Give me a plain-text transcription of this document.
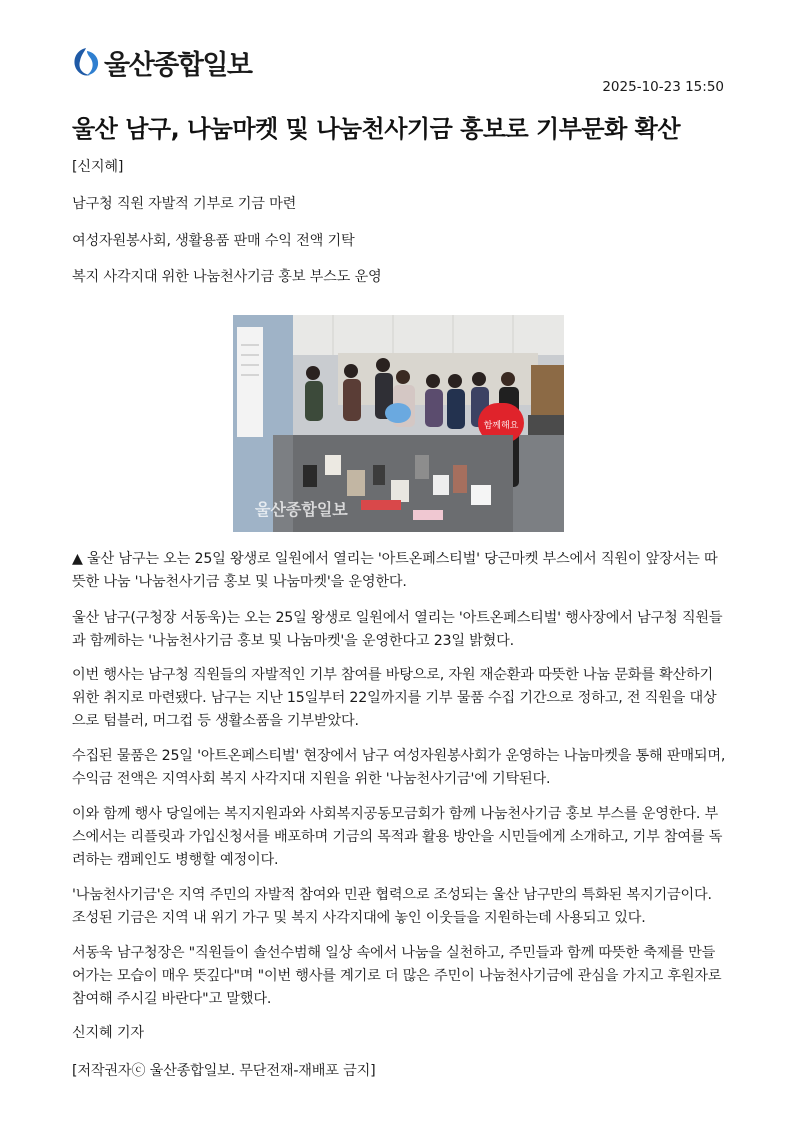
울산종합일보
2025-10-23 15:50
울산 남구, 나눔마켓 및 나눔천사기금 홍보로 기부문화 확산

[신지혜]

남구청 직원 자발적 기부로 기금 마련

여성자원봉사회, 생활용품 판매 수익 전액 기탁

복지 사각지대 위한 나눔천사기금 홍보 부스도 운영

함께해요
울산종합일보

▲ 울산 남구는 오는 25일 왕생로 일원에서 열리는 '아트온페스티벌' 당근마켓 부스에서 직원이 앞장서는 따뜻한 나눔 '나눔천사기금 홍보 및 나눔마켓'을 운영한다.

울산 남구(구청장 서동욱)는 오는 25일 왕생로 일원에서 열리는 '아트온페스티벌' 행사장에서 남구청 직원들과 함께하는 '나눔천사기금 홍보 및 나눔마켓'을 운영한다고 23일 밝혔다.

이번 행사는 남구청 직원들의 자발적인 기부 참여를 바탕으로, 자원 재순환과 따뜻한 나눔 문화를 확산하기 위한 취지로 마련됐다. 남구는 지난 15일부터 22일까지를 기부 물품 수집 기간으로 정하고, 전 직원을 대상으로 텀블러, 머그컵 등 생활소품을 기부받았다.

수집된 물품은 25일 '아트온페스티벌' 현장에서 남구 여성자원봉사회가 운영하는 나눔마켓을 통해 판매되며, 수익금 전액은 지역사회 복지 사각지대 지원을 위한 '나눔천사기금'에 기탁된다.

이와 함께 행사 당일에는 복지지원과와 사회복지공동모금회가 함께 나눔천사기금 홍보 부스를 운영한다. 부스에서는 리플릿과 가입신청서를 배포하며 기금의 목적과 활용 방안을 시민들에게 소개하고, 기부 참여를 독려하는 캠페인도 병행할 예정이다.

'나눔천사기금'은 지역 주민의 자발적 참여와 민관 협력으로 조성되는 울산 남구만의 특화된 복지기금이다. 조성된 기금은 지역 내 위기 가구 및 복지 사각지대에 놓인 이웃들을 지원하는데 사용되고 있다.

서동욱 남구청장은 "직원들이 솔선수범해 일상 속에서 나눔을 실천하고, 주민들과 함께 따뜻한 축제를 만들어가는 모습이 매우 뜻깊다"며 "이번 행사를 계기로 더 많은 주민이 나눔천사기금에 관심을 가지고 후원자로 참여해 주시길 바란다"고 말했다.

신지혜 기자

[저작권자ⓒ 울산종합일보. 무단전재-재배포 금지]
